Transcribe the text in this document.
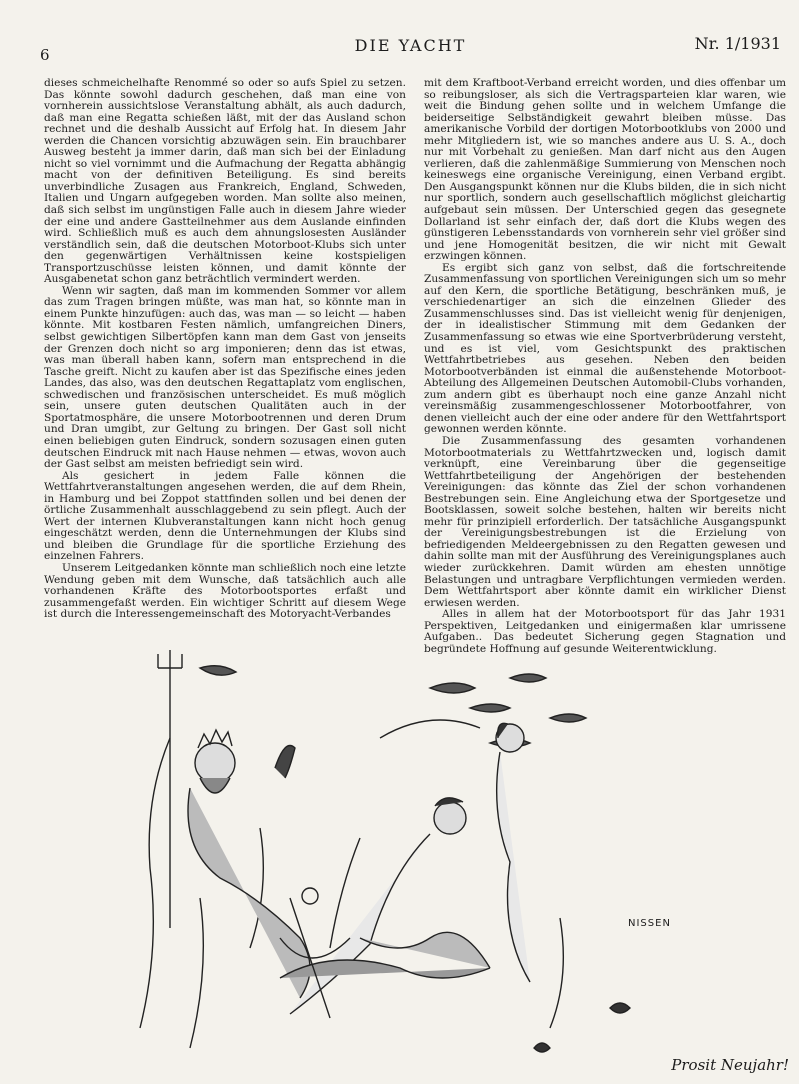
6	DIE YACHT	Nr. 1/1931

dieses schmeichelhafte Renommé so oder so aufs Spiel zu setzen. Das könnte sowohl dadurch geschehen, daß man eine von vornherein aussichtslose Veranstaltung abhält, als auch dadurch, daß man eine Regatta schießen läßt, mit der das Ausland schon rechnet und die deshalb Aussicht auf Erfolg hat. In diesem Jahr werden die Chancen vorsichtig abzuwägen sein. Ein brauchbarer Ausweg besteht ja immer darin, daß man sich bei der Einladung nicht so viel vornimmt und die Aufmachung der Regatta abhängig macht von der definitiven Beteiligung. Es sind bereits unverbindliche Zusagen aus Frankreich, England, Schweden, Italien und Ungarn aufgegeben worden. Man sollte also meinen, daß sich selbst im ungünstigen Falle auch in diesem Jahre wieder der eine und andere Gastteilnehmer aus dem Auslande einfinden wird. Schließlich muß es auch dem ahnungslosesten Ausländer verständlich sein, daß die deutschen Motorboot-Klubs sich unter den gegenwärtigen Verhältnissen keine kostspieligen Transportzuschüsse leisten können, und damit könnte der Ausgabenetat schon ganz beträchtlich vermindert werden.

Wenn wir sagten, daß man im kommenden Sommer vor allem das zum Tragen bringen müßte, was man hat, so könnte man in einem Punkte hinzufügen: auch das, was man — so leicht — haben könnte. Mit kostbaren Festen nämlich, umfangreichen Diners, selbst gewichtigen Silbertöpfen kann man dem Gast von jenseits der Grenzen doch nicht so arg imponieren; denn das ist etwas, was man überall haben kann, sofern man entsprechend in die Tasche greift. Nicht zu kaufen aber ist das Spezifische eines jeden Landes, das also, was den deutschen Regattaplatz vom englischen, schwedischen und französischen unterscheidet. Es muß möglich sein, unsere guten deutschen Qualitäten auch in der Sportatmosphäre, die unsere Motorbootrennen und deren Drum und Dran umgibt, zur Geltung zu bringen. Der Gast soll nicht einen beliebigen guten Eindruck, sondern sozusagen einen guten deutschen Eindruck mit nach Hause nehmen — etwas, wovon auch der Gast selbst am meisten befriedigt sein wird.

Als gesichert in jedem Falle können die Wettfahrtveranstaltungen angesehen werden, die auf dem Rhein, in Hamburg und bei Zoppot stattfinden sollen und bei denen der örtliche Zusammenhalt ausschlaggebend zu sein pflegt. Auch der Wert der internen Klubveranstaltungen kann nicht hoch genug eingeschätzt werden, denn die Unternehmungen der Klubs sind und bleiben die Grundlage für die sportliche Erziehung des einzelnen Fahrers.

Unserem Leitgedanken könnte man schließlich noch eine letzte Wendung geben mit dem Wunsche, daß tatsächlich auch alle vorhandenen Kräfte des Motorbootsportes erfaßt und zusammengefaßt werden. Ein wichtiger Schritt auf diesem Wege ist durch die Interessengemeinschaft des Motoryacht-Verbandes

mit dem Kraftboot-Verband erreicht worden, und dies offenbar um so reibungsloser, als sich die Vertragsparteien klar waren, wie weit die Bindung gehen sollte und in welchem Umfange die beiderseitige Selbständigkeit gewahrt bleiben müsse. Das amerikanische Vorbild der dortigen Motorbootklubs von 2000 und mehr Mitgliedern ist, wie so manches andere aus U. S. A., doch nur mit Vorbehalt zu genießen. Man darf nicht aus den Augen verlieren, daß die zahlenmäßige Summierung von Menschen noch keineswegs eine organische Vereinigung, einen Verband ergibt. Den Ausgangspunkt können nur die Klubs bilden, die in sich nicht nur sportlich, sondern auch gesellschaftlich möglichst gleichartig aufgebaut sein müssen. Der Unterschied gegen das gesegnete Dollarland ist sehr einfach der, daß dort die Klubs wegen des günstigeren Lebensstandards von vornherein sehr viel größer sind und jene Homogenität besitzen, die wir nicht mit Gewalt erzwingen können.

Es ergibt sich ganz von selbst, daß die fortschreitende Zusammenfassung von sportlichen Vereinigungen sich um so mehr auf den Kern, die sportliche Betätigung, beschränken muß, je verschiedenartiger an sich die einzelnen Glieder des Zusammenschlusses sind. Das ist vielleicht wenig für denjenigen, der in idealistischer Stimmung mit dem Gedanken der Zusammenfassung so etwas wie eine Sportverbrüderung versteht, und es ist viel, vom Gesichtspunkt des praktischen Wettfahrtbetriebes aus gesehen. Neben den beiden Motorbootverbänden ist einmal die außenstehende Motorboot-Abteilung des Allgemeinen Deutschen Automobil-Clubs vorhanden, zum andern gibt es überhaupt noch eine ganze Anzahl nicht vereinsmäßig zusammengeschlossener Motorbootfahrer, von denen vielleicht auch der eine oder andere für den Wettfahrtsport gewonnen werden könnte.

Die Zusammenfassung des gesamten vorhandenen Motorbootmaterials zu Wettfahrtzwecken und, logisch damit verknüpft, eine Vereinbarung über die gegenseitige Wettfahrtbeteiligung der Angehörigen der bestehenden Vereinigungen: das könnte das Ziel der schon vorhandenen Bestrebungen sein. Eine Angleichung etwa der Sportgesetze und Bootsklassen, soweit solche bestehen, halten wir bereits nicht mehr für prinzipiell erforderlich. Der tatsächliche Ausgangspunkt der Vereinigungsbestrebungen ist die Erzielung von befriedigenden Meldeergebnissen zu den Regatten gewesen und dahin sollte man mit der Ausführung des Vereinigungsplanes auch wieder zurückkehren. Damit würden am ehesten unnötige Belastungen und untragbare Verpflichtungen vermieden werden. Dem Wettfahrtsport aber könnte damit ein wirklicher Dienst erwiesen werden.

Alles in allem hat der Motorbootsport für das Jahr 1931 Perspektiven, Leitgedanken und einigermaßen klar umrissene Aufgaben.. Das bedeutet Sicherung gegen Stagnation und begründete Hoffnung auf gesunde Weiterentwicklung.

NISSEN
Prosit Neujahr!
